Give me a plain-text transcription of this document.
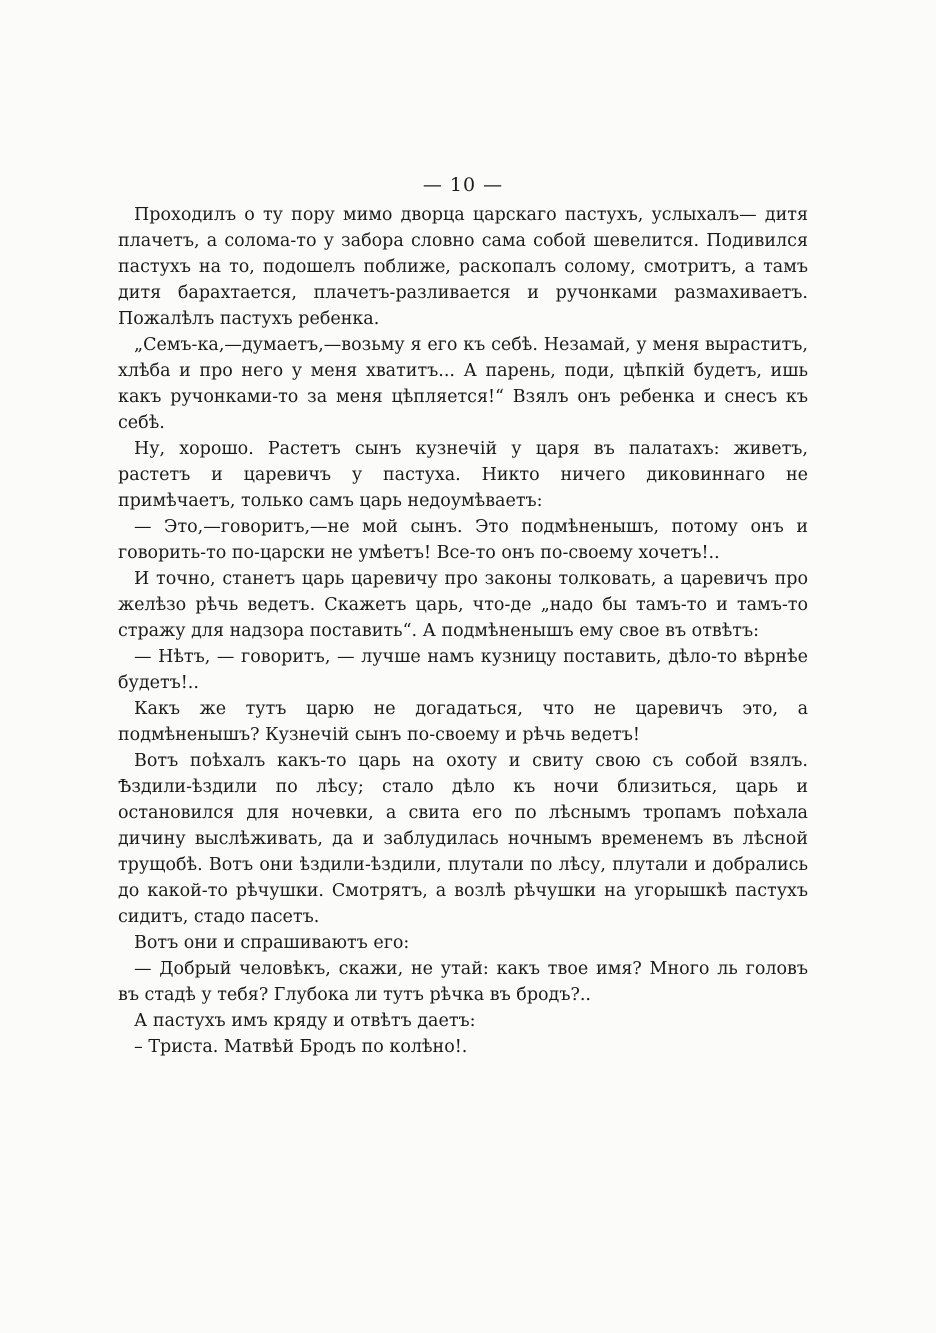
— 10 —

Проходилъ о ту пору мимо дворца царскаго пастухъ, услыхалъ— дитя плачетъ, а солома-то у забора словно сама собой шевелится. Подивился пастухъ на то, подошелъ поближе, раскопалъ солому, смотритъ, а тамъ дитя барахтается, плачетъ-разливается и ручонками размахиваетъ. Пожалѣлъ пастухъ ребенка.

„Семъ-ка,—думаетъ,—возьму я его къ себѣ. Незамай, у меня выраститъ, хлѣба и про него у меня хватитъ... А парень, поди, цѣпкій будетъ, ишь какъ ручонками-то за меня цѣпляется!“ Взялъ онъ ребенка и снесъ къ себѣ.

Ну, хорошо. Растетъ сынъ кузнечій у царя въ палатахъ: живетъ, растетъ и царевичъ у пастуха. Никто ничего диковиннаго не примѣчаетъ, только самъ царь недоумѣваетъ:

— Это,—говоритъ,—не мой сынъ. Это подмѣненышъ, потому онъ и говорить-то по-царски не умѣетъ! Все-то онъ по-своему хочетъ!..

И точно, станетъ царь царевичу про законы толковать, а царевичъ про желѣзо рѣчь ведетъ. Скажетъ царь, что-де „надо бы тамъ-то и тамъ-то стражу для надзора поставить“. А подмѣненышъ ему свое въ отвѣтъ:

— Нѣтъ, — говоритъ, — лучше намъ кузницу поставить, дѣло-то вѣрнѣе будетъ!..

Какъ же тутъ царю не догадаться, что не царевичъ это, а подмѣненышъ? Кузнечій сынъ по-своему и рѣчь ведетъ!

Вотъ поѣхалъ какъ-то царь на охоту и свиту свою съ собой взялъ. Ѣздили-ѣздили по лѣсу; стало дѣло къ ночи близиться, царь и остановился для ночевки, а свита его по лѣснымъ тропамъ поѣхала дичину выслѣживать, да и заблудилась ночнымъ временемъ въ лѣсной трущобѣ. Вотъ они ѣздили-ѣздили, плутали по лѣсу, плутали и добрались до какой-то рѣчушки. Смотрятъ, а возлѣ рѣчушки на угорышкѣ пастухъ сидитъ, стадо пасетъ.

Вотъ они и спрашиваютъ его:

— Добрый человѣкъ, скажи, не утай: какъ твое имя? Много ль головъ въ стадѣ у тебя? Глубока ли тутъ рѣчка въ бродъ?..

А пастухъ имъ кряду и отвѣтъ даетъ:

– Триста. Матвѣй Бродъ по колѣно!.
